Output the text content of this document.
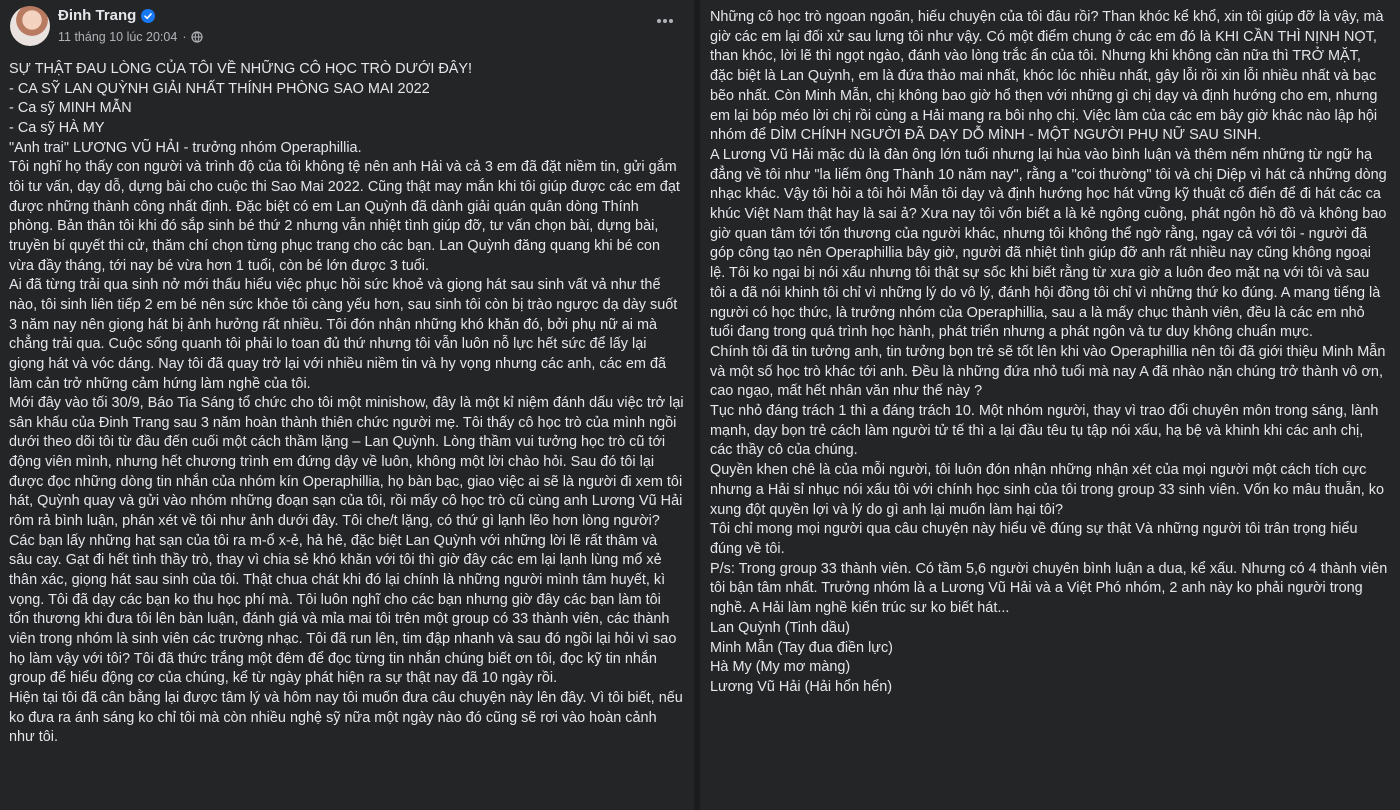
Đinh Trang
11 tháng 10 lúc 20:04 ·

SỰ THẬT ĐAU LÒNG CỦA TÔI VỀ NHỮNG CÔ HỌC TRÒ DƯỚI ĐÂY!

- CA SỸ LAN QUỲNH GIẢI NHẤT THÍNH PHÒNG SAO MAI 2022

- Ca sỹ MINH MẪN

- Ca sỹ HÀ MY

"Anh trai" LƯƠNG VŨ HẢI - trưởng nhóm Operaphillia.

Tôi nghĩ họ thấy con người và trình độ của tôi không tệ nên anh Hải và cả 3 em đã đặt niềm tin, gửi gắm tôi tư vấn, dạy dỗ, dựng bài cho cuộc thi Sao Mai 2022. Cũng thật may mắn khi tôi giúp được các em đạt được những thành công nhất định. Đặc biệt có em Lan Quỳnh đã dành giải quán quân dòng Thính phòng. Bản thân tôi khi đó sắp sinh bé thứ 2 nhưng vẫn nhiệt tình giúp đỡ, tư vấn chọn bài, dựng bài, truyền bí quyết thi cử, thăm chí chọn từng phục trang cho các bạn. Lan Quỳnh đăng quang khi bé con vừa đầy tháng, tới nay bé vừa hơn 1 tuổi, còn bé lớn được 3 tuổi.

Ai đã từng trải qua sinh nở mới thấu hiểu việc phục hồi sức khoẻ và giọng hát sau sinh vất vả như thế nào, tôi sinh liên tiếp 2 em bé nên sức khỏe tôi càng yếu hơn, sau sinh tôi còn bị trào ngược dạ dày suốt 3 năm nay nên giọng hát bị ảnh hưởng rất nhiều. Tôi đón nhận những khó khăn đó, bởi phụ nữ ai mà chẳng trải qua. Cuộc sống quanh tôi phải lo toan đủ thứ nhưng tôi vẫn luôn nỗ lực hết sức để lấy lại giọng hát và vóc dáng. Nay tôi đã quay trở lại với nhiều niềm tin và hy vọng nhưng các anh, các em đã làm cản trở những cảm hứng làm nghề của tôi.

Mới đây vào tối 30/9, Báo Tia Sáng tổ chức cho tôi một minishow, đây là một kỉ niệm đánh dấu việc trở lại sân khấu của Đinh Trang sau 3 năm hoàn thành thiên chức người mẹ. Tôi thấy cô học trò của mình ngồi dưới theo dõi tôi từ đầu đến cuối một cách thầm lặng – Lan Quỳnh. Lòng thầm vui tưởng học trò cũ tới động viên mình, nhưng hết chương trình em đứng dậy về luôn, không một lời chào hỏi. Sau đó tôi lại được đọc những dòng tin nhắn của nhóm kín Operaphillia, họ bàn bạc, giao việc ai sẽ là người đi xem tôi hát, Quỳnh quay và gửi vào nhóm những đoạn sạn của tôi, rồi mấy cô học trò cũ cùng anh Lương Vũ Hải rôm rả bình luận, phán xét về tôi như ảnh dưới đây. Tôi che/t lặng, có thứ gì lạnh lẽo hơn lòng người? Các bạn lấy những hạt sạn của tôi ra m-ổ x-ẻ, hả hê, đặc biệt Lan Quỳnh với những lời lẽ rất thâm và sâu cay. Gạt đi hết tình thầy trò, thay vì chia sẻ khó khăn với tôi thì giờ đây các em lại lạnh lùng mổ xẻ thân xác, giọng hát sau sinh của tôi. Thật chua chát khi đó lại chính là những người mình tâm huyết, kì vọng. Tôi đã dạy các bạn ko thu học phí mà. Tôi luôn nghĩ cho các bạn nhưng giờ đây các bạn làm tôi tổn thương khi đưa tôi lên bàn luận, đánh giá và mỉa mai tôi trên một group có 33 thành viên, các thành viên trong nhóm là sinh viên các trường nhạc. Tôi đã run lên, tim đập nhanh và sau đó ngồi lại hỏi vì sao họ làm vậy với tôi? Tôi đã thức trắng một đêm để đọc từng tin nhắn chúng biết ơn tôi, đọc kỹ tin nhắn group để hiểu động cơ của chúng, kể từ ngày phát hiện ra sự thật nay đã 10 ngày rồi.

Hiện tại tôi đã cân bằng lại được tâm lý và hôm nay tôi muốn đưa câu chuyện này lên đây. Vì tôi biết, nếu ko đưa ra ánh sáng ko chỉ tôi mà còn nhiều nghệ sỹ nữa một ngày nào đó cũng sẽ rơi vào hoàn cảnh như tôi.

Những cô học trò ngoan ngoãn, hiếu chuyện của tôi đâu rồi? Than khóc kể khổ, xin tôi giúp đỡ là vậy, mà giờ các em lại đối xử sau lưng tôi như vậy. Có một điểm chung ở các em đó là KHI CẦN THÌ NỊNH NỌT, than khóc, lời lẽ thì ngọt ngào, đánh vào lòng trắc ẩn của tôi. Nhưng khi không cần nữa thì TRỞ MẶT, đặc biệt là Lan Quỳnh, em là đứa thảo mai nhất, khóc lóc nhiều nhất, gây lỗi rồi xin lỗi nhiều nhất và bạc bẽo nhất. Còn Minh Mẫn, chị không bao giờ hổ thẹn với những gì chị dạy và định hướng cho em, nhưng em lại bóp méo lời chị rồi cùng a Hải mang ra bôi nhọ chị. Việc làm của các em bây giờ khác nào lập hội nhóm để DÌM CHÍNH NGƯỜI ĐÃ DẠY DỖ MÌNH - MỘT NGƯỜI PHỤ NỮ SAU SINH.

A Lương Vũ Hải mặc dù là đàn ông lớn tuổi nhưng lại hùa vào bình luận và thêm nếm những từ ngữ hạ đẳng về tôi như "la liếm ông Thành 10 năm nay", rằng a "coi thường" tôi và chị Diệp vì hát cả những dòng nhạc khác. Vậy tôi hỏi a tôi hỏi Mẫn tôi dạy và định hướng học hát vững kỹ thuật cổ điển để đi hát các ca khúc Việt Nam thật hay là sai ả? Xưa nay tôi vốn biết a là kẻ ngông cuồng, phát ngôn hồ đồ và không bao giờ quan tâm tới tổn thương của người khác, nhưng tôi không thể ngờ rằng, ngay cả với tôi - người đã góp công tạo nên Operaphillia bây giờ, người đã nhiệt tình giúp đỡ anh rất nhiều nay cũng không ngoại lệ. Tôi ko ngại bị nói xấu nhưng tôi thật sự sốc khi biết rằng từ xưa giờ a luôn đeo mặt nạ với tôi và sau tôi a đã nói khinh tôi chỉ vì những lý do vô lý, đánh hội đồng tôi chỉ vì những thứ ko đúng. A mang tiếng là người có học thức, là trưởng nhóm của Operaphillia, sau a là mấy chục thành viên, đều là các em nhỏ tuổi đang trong quá trình học hành, phát triển nhưng a phát ngôn và tư duy không chuẩn mực.

Chính tôi đã tin tưởng anh, tin tưởng bọn trẻ sẽ tốt lên khi vào Operaphillia nên tôi đã giới thiệu Minh Mẫn và một số học trò khác tới anh. Đều là những đứa nhỏ tuổi mà nay A đã nhào nặn chúng trở thành vô ơn, cao ngạo, mất hết nhân văn như thế này ?

Tục nhỏ đáng trách 1 thì a đáng trách 10. Một nhóm người, thay vì trao đổi chuyên môn trong sáng, lành mạnh, dạy bọn trẻ cách làm người tử tế thì a lại đầu têu tụ tập nói xấu, hạ bệ và khinh khi các anh chị, các thầy cô của chúng.

Quyền khen chê là của mỗi người, tôi luôn đón nhận những nhận xét của mọi người một cách tích cực nhưng a Hải sỉ nhục nói xấu tôi với chính học sinh của tôi trong group 33 sinh viên. Vốn ko mâu thuẫn, ko xung đột quyền lợi và lý do gì anh lại muốn làm hại tôi?

Tôi chỉ mong mọi người qua câu chuyện này hiểu về đúng sự thật Và những người tôi trân trọng hiểu đúng về tôi.

P/s: Trong group 33 thành viên. Có tầm 5,6 người chuyên bình luận a dua, kể xấu. Nhưng có 4 thành viên tôi bận tâm nhất. Trưởng nhóm là a Lương Vũ Hải và a Việt Phó nhóm, 2 anh này ko phải người trong nghề. A Hải làm nghề kiến trúc sư ko biết hát...

Lan Quỳnh (Tinh dầu)

Minh Mẫn (Tay đua điền lực)

Hà My (My mơ màng)

Lương Vũ Hải (Hải hổn hển)
